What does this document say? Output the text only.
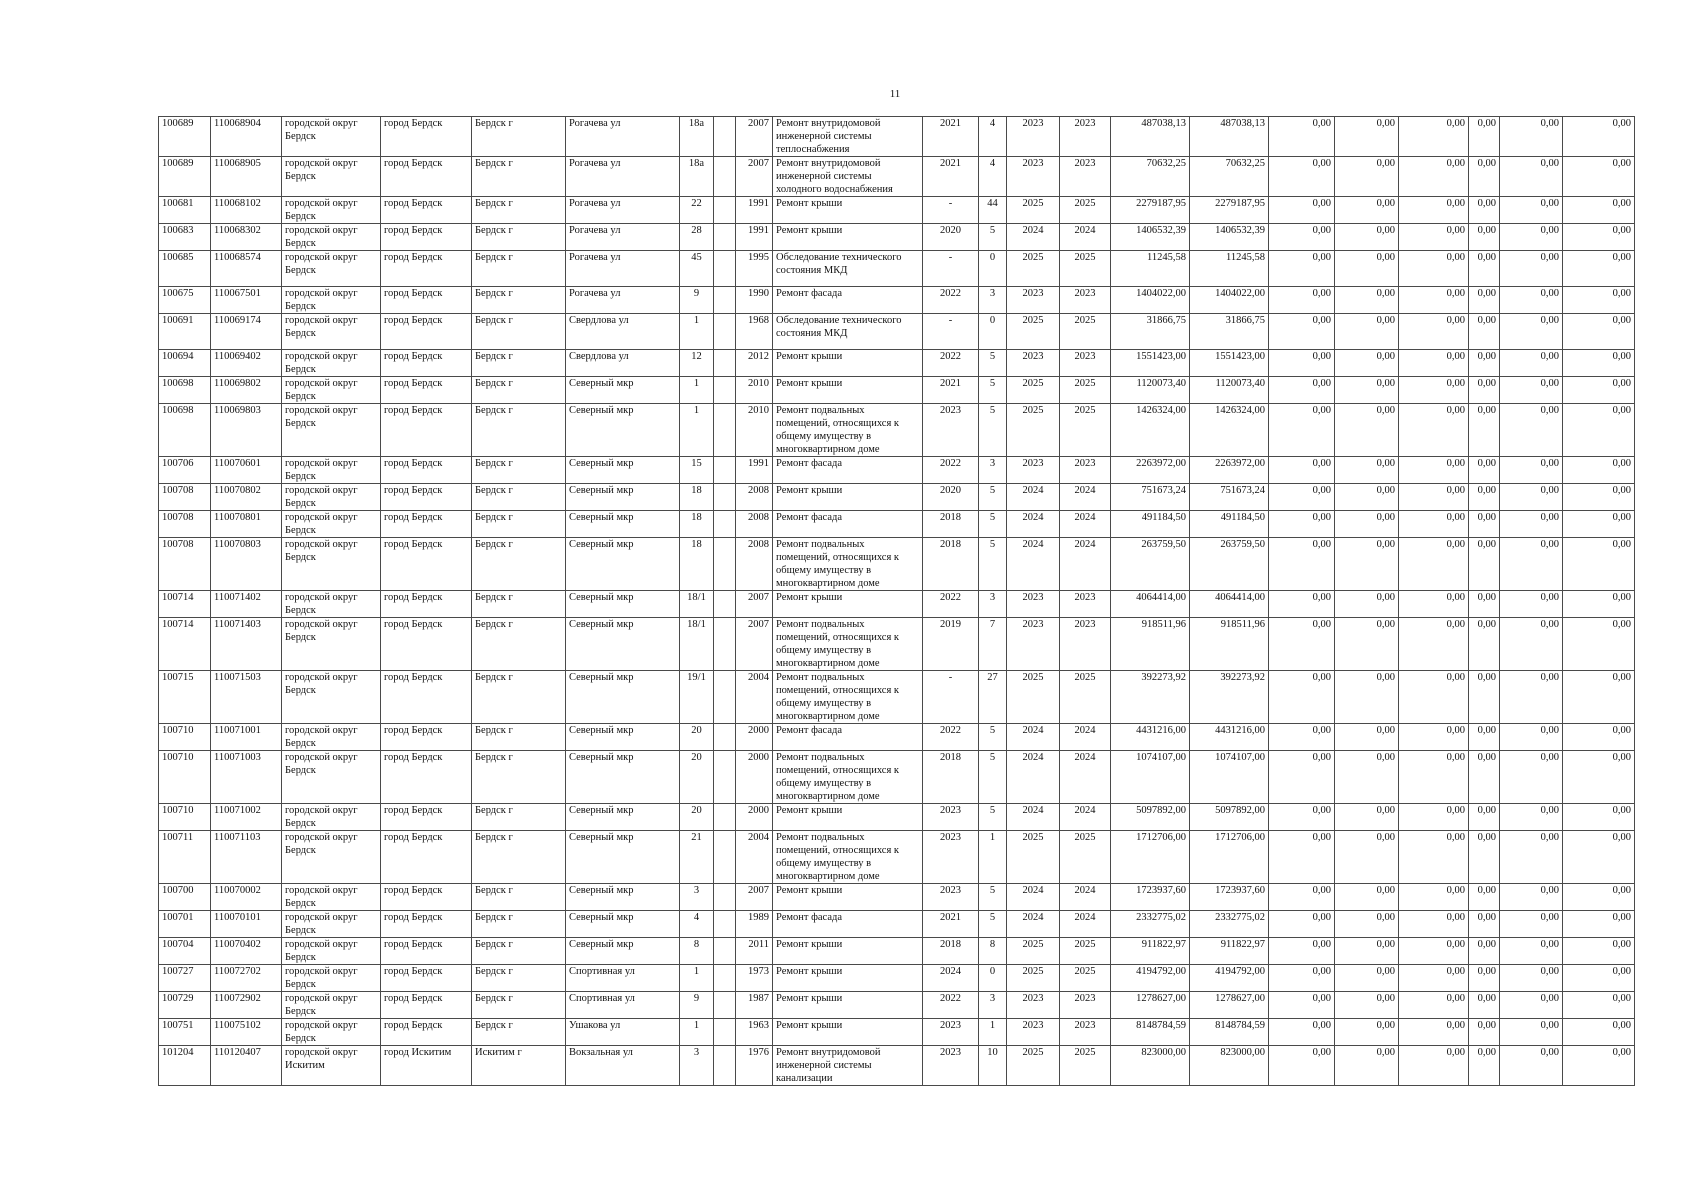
11
100689	110068904	городской округ Бердск	город Бердск	Бердск г	Рогачева ул	18а		2007	Ремонт внутридомовой инженерной системы теплоснабжения	2021	4	2023	2023	487038,13	487038,13	0,00	0,00	0,00	0,00	0,00	0,00
100689	110068905	городской округ Бердск	город Бердск	Бердск г	Рогачева ул	18а		2007	Ремонт внутридомовой инженерной системы холодного водоснабжения	2021	4	2023	2023	70632,25	70632,25	0,00	0,00	0,00	0,00	0,00	0,00
100681	110068102	городской округ Бердск	город Бердск	Бердск г	Рогачева ул	22		1991	Ремонт крыши	-	44	2025	2025	2279187,95	2279187,95	0,00	0,00	0,00	0,00	0,00	0,00
100683	110068302	городской округ Бердск	город Бердск	Бердск г	Рогачева ул	28		1991	Ремонт крыши	2020	5	2024	2024	1406532,39	1406532,39	0,00	0,00	0,00	0,00	0,00	0,00
100685	110068574	городской округ Бердск	город Бердск	Бердск г	Рогачева ул	45		1995	Обследование технического состояния МКД	-	0	2025	2025	11245,58	11245,58	0,00	0,00	0,00	0,00	0,00	0,00
100675	110067501	городской округ Бердск	город Бердск	Бердск г	Рогачева ул	9		1990	Ремонт фасада	2022	3	2023	2023	1404022,00	1404022,00	0,00	0,00	0,00	0,00	0,00	0,00
100691	110069174	городской округ Бердск	город Бердск	Бердск г	Свердлова ул	1		1968	Обследование технического состояния МКД	-	0	2025	2025	31866,75	31866,75	0,00	0,00	0,00	0,00	0,00	0,00
100694	110069402	городской округ Бердск	город Бердск	Бердск г	Свердлова ул	12		2012	Ремонт крыши	2022	5	2023	2023	1551423,00	1551423,00	0,00	0,00	0,00	0,00	0,00	0,00
100698	110069802	городской округ Бердск	город Бердск	Бердск г	Северный мкр	1		2010	Ремонт крыши	2021	5	2025	2025	1120073,40	1120073,40	0,00	0,00	0,00	0,00	0,00	0,00
100698	110069803	городской округ Бердск	город Бердск	Бердск г	Северный мкр	1		2010	Ремонт подвальных помещений, относящихся к общему имуществу в многоквартирном доме	2023	5	2025	2025	1426324,00	1426324,00	0,00	0,00	0,00	0,00	0,00	0,00
100706	110070601	городской округ Бердск	город Бердск	Бердск г	Северный мкр	15		1991	Ремонт фасада	2022	3	2023	2023	2263972,00	2263972,00	0,00	0,00	0,00	0,00	0,00	0,00
100708	110070802	городской округ Бердск	город Бердск	Бердск г	Северный мкр	18		2008	Ремонт крыши	2020	5	2024	2024	751673,24	751673,24	0,00	0,00	0,00	0,00	0,00	0,00
100708	110070801	городской округ Бердск	город Бердск	Бердск г	Северный мкр	18		2008	Ремонт фасада	2018	5	2024	2024	491184,50	491184,50	0,00	0,00	0,00	0,00	0,00	0,00
100708	110070803	городской округ Бердск	город Бердск	Бердск г	Северный мкр	18		2008	Ремонт подвальных помещений, относящихся к общему имуществу в многоквартирном доме	2018	5	2024	2024	263759,50	263759,50	0,00	0,00	0,00	0,00	0,00	0,00
100714	110071402	городской округ Бердск	город Бердск	Бердск г	Северный мкр	18/1		2007	Ремонт крыши	2022	3	2023	2023	4064414,00	4064414,00	0,00	0,00	0,00	0,00	0,00	0,00
100714	110071403	городской округ Бердск	город Бердск	Бердск г	Северный мкр	18/1		2007	Ремонт подвальных помещений, относящихся к общему имуществу в многоквартирном доме	2019	7	2023	2023	918511,96	918511,96	0,00	0,00	0,00	0,00	0,00	0,00
100715	110071503	городской округ Бердск	город Бердск	Бердск г	Северный мкр	19/1		2004	Ремонт подвальных помещений, относящихся к общему имуществу в многоквартирном доме	-	27	2025	2025	392273,92	392273,92	0,00	0,00	0,00	0,00	0,00	0,00
100710	110071001	городской округ Бердск	город Бердск	Бердск г	Северный мкр	20		2000	Ремонт фасада	2022	5	2024	2024	4431216,00	4431216,00	0,00	0,00	0,00	0,00	0,00	0,00
100710	110071003	городской округ Бердск	город Бердск	Бердск г	Северный мкр	20		2000	Ремонт подвальных помещений, относящихся к общему имуществу в многоквартирном доме	2018	5	2024	2024	1074107,00	1074107,00	0,00	0,00	0,00	0,00	0,00	0,00
100710	110071002	городской округ Бердск	город Бердск	Бердск г	Северный мкр	20		2000	Ремонт крыши	2023	5	2024	2024	5097892,00	5097892,00	0,00	0,00	0,00	0,00	0,00	0,00
100711	110071103	городской округ Бердск	город Бердск	Бердск г	Северный мкр	21		2004	Ремонт подвальных помещений, относящихся к общему имуществу в многоквартирном доме	2023	1	2025	2025	1712706,00	1712706,00	0,00	0,00	0,00	0,00	0,00	0,00
100700	110070002	городской округ Бердск	город Бердск	Бердск г	Северный мкр	3		2007	Ремонт крыши	2023	5	2024	2024	1723937,60	1723937,60	0,00	0,00	0,00	0,00	0,00	0,00
100701	110070101	городской округ Бердск	город Бердск	Бердск г	Северный мкр	4		1989	Ремонт фасада	2021	5	2024	2024	2332775,02	2332775,02	0,00	0,00	0,00	0,00	0,00	0,00
100704	110070402	городской округ Бердск	город Бердск	Бердск г	Северный мкр	8		2011	Ремонт крыши	2018	8	2025	2025	911822,97	911822,97	0,00	0,00	0,00	0,00	0,00	0,00
100727	110072702	городской округ Бердск	город Бердск	Бердск г	Спортивная ул	1		1973	Ремонт крыши	2024	0	2025	2025	4194792,00	4194792,00	0,00	0,00	0,00	0,00	0,00	0,00
100729	110072902	городской округ Бердск	город Бердск	Бердск г	Спортивная ул	9		1987	Ремонт крыши	2022	3	2023	2023	1278627,00	1278627,00	0,00	0,00	0,00	0,00	0,00	0,00
100751	110075102	городской округ Бердск	город Бердск	Бердск г	Ушакова ул	1		1963	Ремонт крыши	2023	1	2023	2023	8148784,59	8148784,59	0,00	0,00	0,00	0,00	0,00	0,00
101204	110120407	городской округ Искитим	город Искитим	Искитим г	Вокзальная ул	3		1976	Ремонт внутридомовой инженерной системы канализации	2023	10	2025	2025	823000,00	823000,00	0,00	0,00	0,00	0,00	0,00	0,00
